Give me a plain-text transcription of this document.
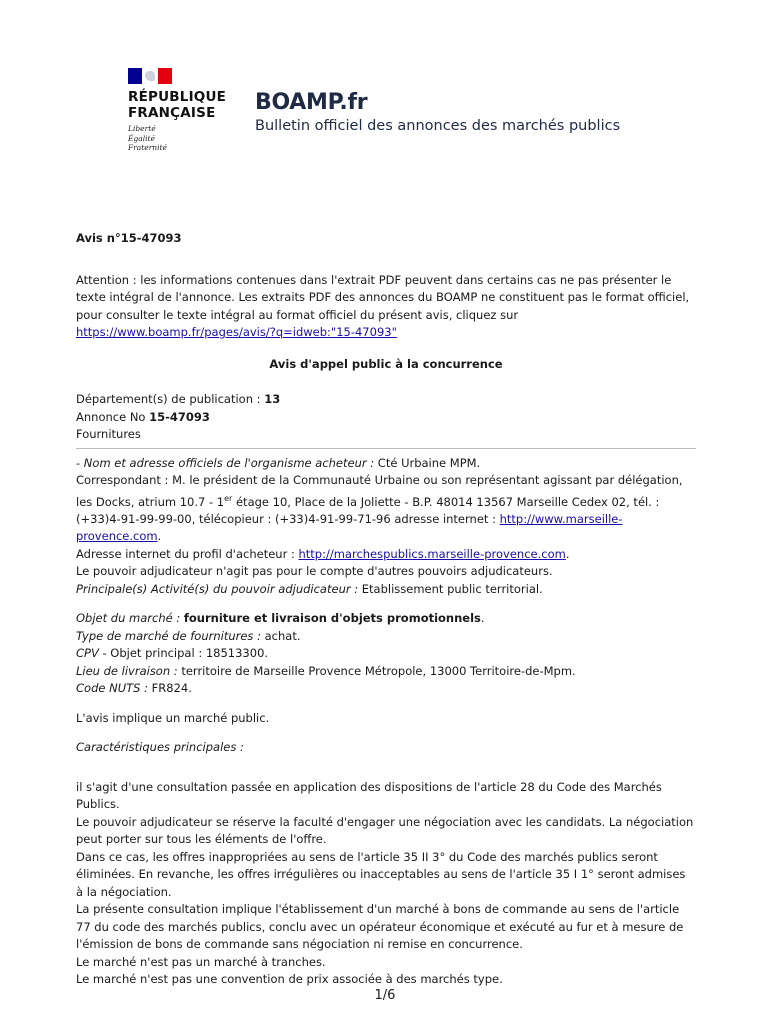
RÉPUBLIQUE
FRANÇAISE
Liberté
Égalité
Fraternité
BOAMP.fr
Bulletin officiel des annonces des marchés publics

Avis n°15-47093

Attention : les informations contenues dans l'extrait PDF peuvent dans certains cas ne pas présenter le texte intégral de l'annonce. Les extraits PDF des annonces du BOAMP ne constituent pas le format officiel, pour consulter le texte intégral au format officiel du présent avis, cliquez sur
https://www.boamp.fr/pages/avis/?q=idweb:"15-47093"

Avis d'appel public à la concurrence

Département(s) de publication : 13

Annonce No 15-47093

Fournitures

- Nom et adresse officiels de l'organisme acheteur : Cté Urbaine MPM.

Correspondant : M. le président de la Communauté Urbaine ou son représentant agissant par délégation, les Docks, atrium 10.7 - 1er étage 10, Place de la Joliette - B.P. 48014 13567 Marseille Cedex 02, tél. : (+33)4-91-99-99-00, télécopieur : (+33)4-91-99-71-96 adresse internet : http://www.marseille-provence.com.

Adresse internet du profil d'acheteur : http://marchespublics.marseille-provence.com.

Le pouvoir adjudicateur n'agit pas pour le compte d'autres pouvoirs adjudicateurs.

Principale(s) Activité(s) du pouvoir adjudicateur : Etablissement public territorial.

Objet du marché : fourniture et livraison d'objets promotionnels.

Type de marché de fournitures : achat.

CPV - Objet principal : 18513300.

Lieu de livraison : territoire de Marseille Provence Métropole, 13000 Territoire-de-Mpm.

Code NUTS : FR824.

L'avis implique un marché public.

Caractéristiques principales :

il s'agit d'une consultation passée en application des dispositions de l'article 28 du Code des Marchés Publics.

Le pouvoir adjudicateur se réserve la faculté d'engager une négociation avec les candidats. La négociation peut porter sur tous les éléments de l'offre.

Dans ce cas, les offres inappropriées au sens de l'article 35 II 3° du Code des marchés publics seront éliminées. En revanche, les offres irrégulières ou inacceptables au sens de l'article 35 I 1° seront admises à la négociation.

La présente consultation implique l'établissement d'un marché à bons de commande au sens de l'article 77 du code des marchés publics, conclu avec un opérateur économique et exécuté au fur et à mesure de l'émission de bons de commande sans négociation ni remise en concurrence.

Le marché n'est pas un marché à tranches.

Le marché n'est pas une convention de prix associée à des marchés type.

1/6
